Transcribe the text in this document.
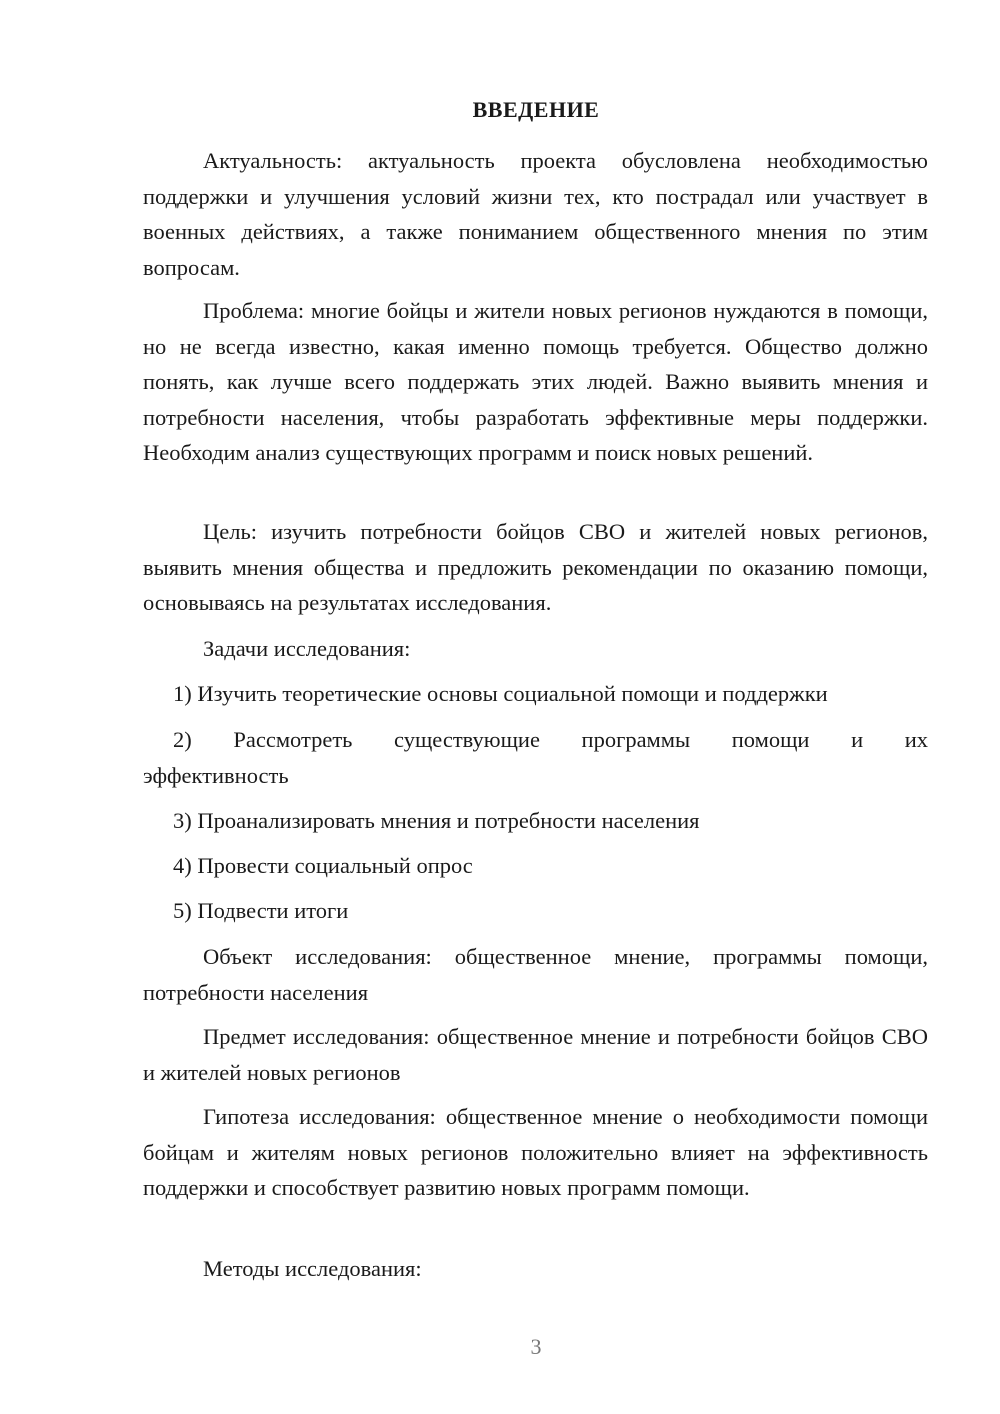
ВВЕДЕНИЕ

Актуальность: актуальность проекта обусловлена необходимостью поддержки и улучшения условий жизни тех, кто пострадал или участвует в военных действиях, а также пониманием общественного мнения по этим вопросам.

Проблема: многие бойцы и жители новых регионов нуждаются в помощи, но не всегда известно, какая именно помощь требуется. Общество должно понять, как лучше всего поддержать этих людей. Важно выявить мнения и потребности населения, чтобы разработать эффективные меры поддержки. Необходим анализ существующих программ и поиск новых решений.

Цель: изучить потребности бойцов СВО и жителей новых регионов, выявить мнения общества и предложить рекомендации по оказанию помощи, основываясь на результатах исследования.

Задачи исследования:

1) Изучить теоретические основы социальной помощи и поддержки

2) Рассмотреть существующие программы помощи и их
эффективность

3) Проанализировать мнения и потребности населения

4) Провести социальный опрос

5) Подвести итоги

Объект исследования: общественное мнение, программы помощи, потребности населения

Предмет исследования: общественное мнение и потребности бойцов СВО и жителей новых регионов

Гипотеза исследования: общественное мнение о необходимости помощи бойцам и жителям новых регионов положительно влияет на эффективность поддержки и способствует развитию новых программ помощи.

Методы исследования:

3
